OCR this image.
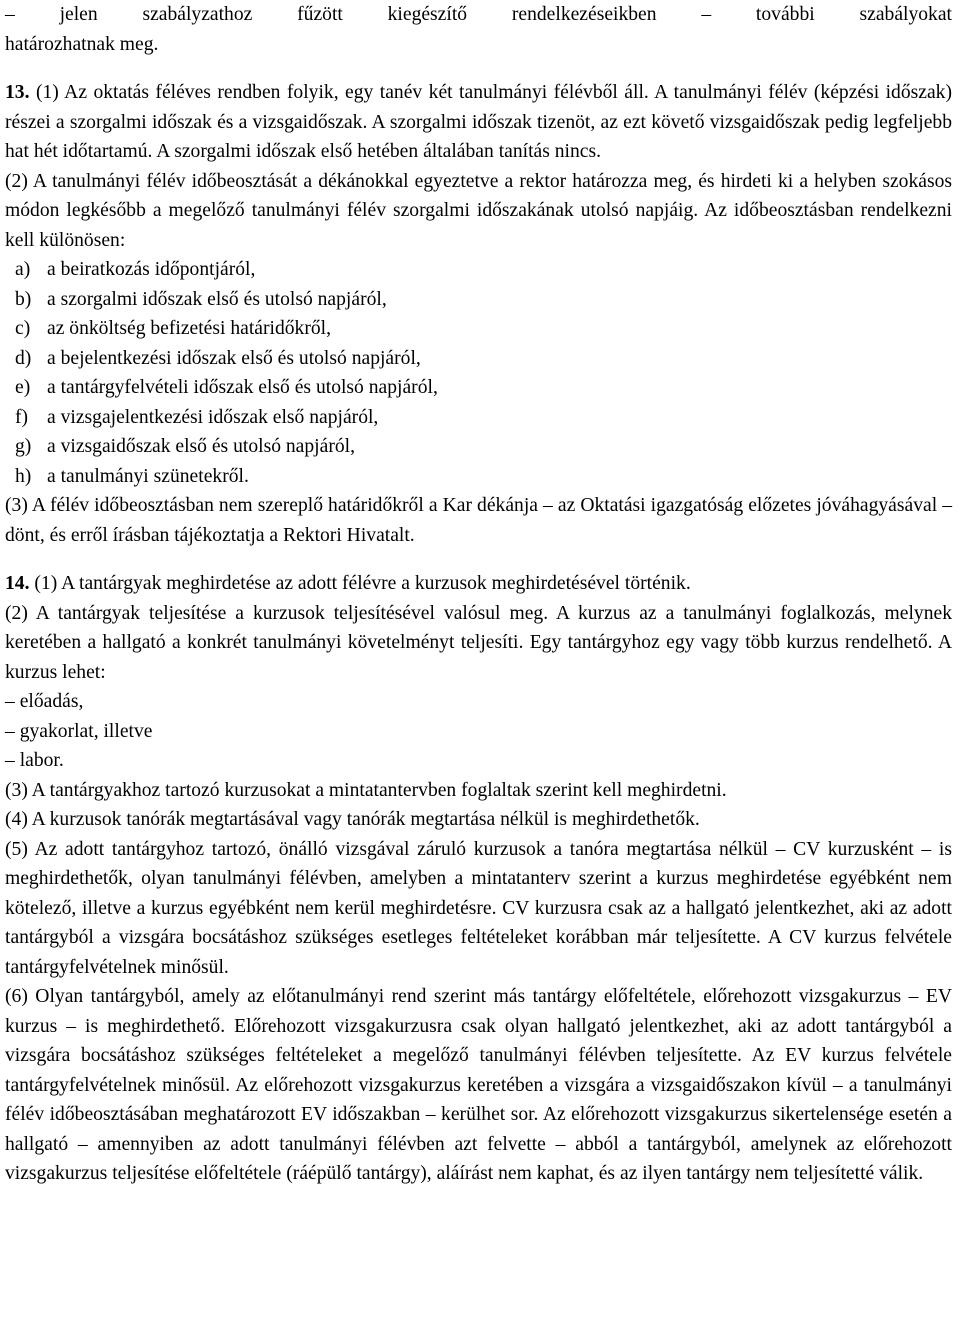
– jelen szabályzathoz fűzött kiegészítő rendelkezéseikben – további szabályokat

határozhatnak meg.

13. (1) Az oktatás féléves rendben folyik, egy tanév két tanulmányi félévből áll. A tanulmányi félév (képzési időszak) részei a szorgalmi időszak és a vizsgaidőszak. A szorgalmi időszak tizenöt, az ezt követő vizsgaidőszak pedig legfeljebb hat hét időtartamú. A szorgalmi időszak első hetében általában tanítás nincs.

(2) A tanulmányi félév időbeosztását a dékánokkal egyeztetve a rektor határozza meg, és hirdeti ki a helyben szokásos módon legkésőbb a megelőző tanulmányi félév szorgalmi időszakának utolsó napjáig. Az időbeosztásban rendelkezni kell különösen:

a) a beiratkozás időpontjáról,

b) a szorgalmi időszak első és utolsó napjáról,

c) az önköltség befizetési határidőkről,

d) a bejelentkezési időszak első és utolsó napjáról,

e) a tantárgyfelvételi időszak első és utolsó napjáról,

f) a vizsgajelentkezési időszak első napjáról,

g) a vizsgaidőszak első és utolsó napjáról,

h) a tanulmányi szünetekről.

(3) A félév időbeosztásban nem szereplő határidőkről a Kar dékánja – az Oktatási igazgatóság előzetes jóváhagyásával – dönt, és erről írásban tájékoztatja a Rektori Hivatalt.

14. (1) A tantárgyak meghirdetése az adott félévre a kurzusok meghirdetésével történik.

(2) A tantárgyak teljesítése a kurzusok teljesítésével valósul meg. A kurzus az a tanulmányi foglalkozás, melynek keretében a hallgató a konkrét tanulmányi követelményt teljesíti. Egy tantárgyhoz egy vagy több kurzus rendelhető. A kurzus lehet:

– előadás,

– gyakorlat, illetve

– labor.

(3) A tantárgyakhoz tartozó kurzusokat a mintatantervben foglaltak szerint kell meghirdetni.

(4) A kurzusok tanórák megtartásával vagy tanórák megtartása nélkül is meghirdethetők.

(5) Az adott tantárgyhoz tartozó, önálló vizsgával záruló kurzusok a tanóra megtartása nélkül – CV kurzusként – is meghirdethetők, olyan tanulmányi félévben, amelyben a mintatanterv szerint a kurzus meghirdetése egyébként nem kötelező, illetve a kurzus egyébként nem kerül meghirdetésre. CV kurzusra csak az a hallgató jelentkezhet, aki az adott tantárgyból a vizsgára bocsátáshoz szükséges esetleges feltételeket korábban már teljesítette. A CV kurzus felvétele tantárgyfelvételnek minősül.

(6) Olyan tantárgyból, amely az előtanulmányi rend szerint más tantárgy előfeltétele, előrehozott vizsgakurzus – EV kurzus – is meghirdethető. Előrehozott vizsgakurzusra csak olyan hallgató jelentkezhet, aki az adott tantárgyból a vizsgára bocsátáshoz szükséges feltételeket a megelőző tanulmányi félévben teljesítette. Az EV kurzus felvétele tantárgyfelvételnek minősül. Az előrehozott vizsgakurzus keretében a vizsgára a vizsgaidőszakon kívül – a tanulmányi félév időbeosztásában meghatározott EV időszakban – kerülhet sor. Az előrehozott vizsgakurzus sikertelensége esetén a hallgató – amennyiben az adott tanulmányi félévben azt felvette – abból a tantárgyból, amelynek az előrehozott vizsgakurzus teljesítése előfeltétele (ráépülő tantárgy), aláírást nem kaphat, és az ilyen tantárgy nem teljesítetté válik.
